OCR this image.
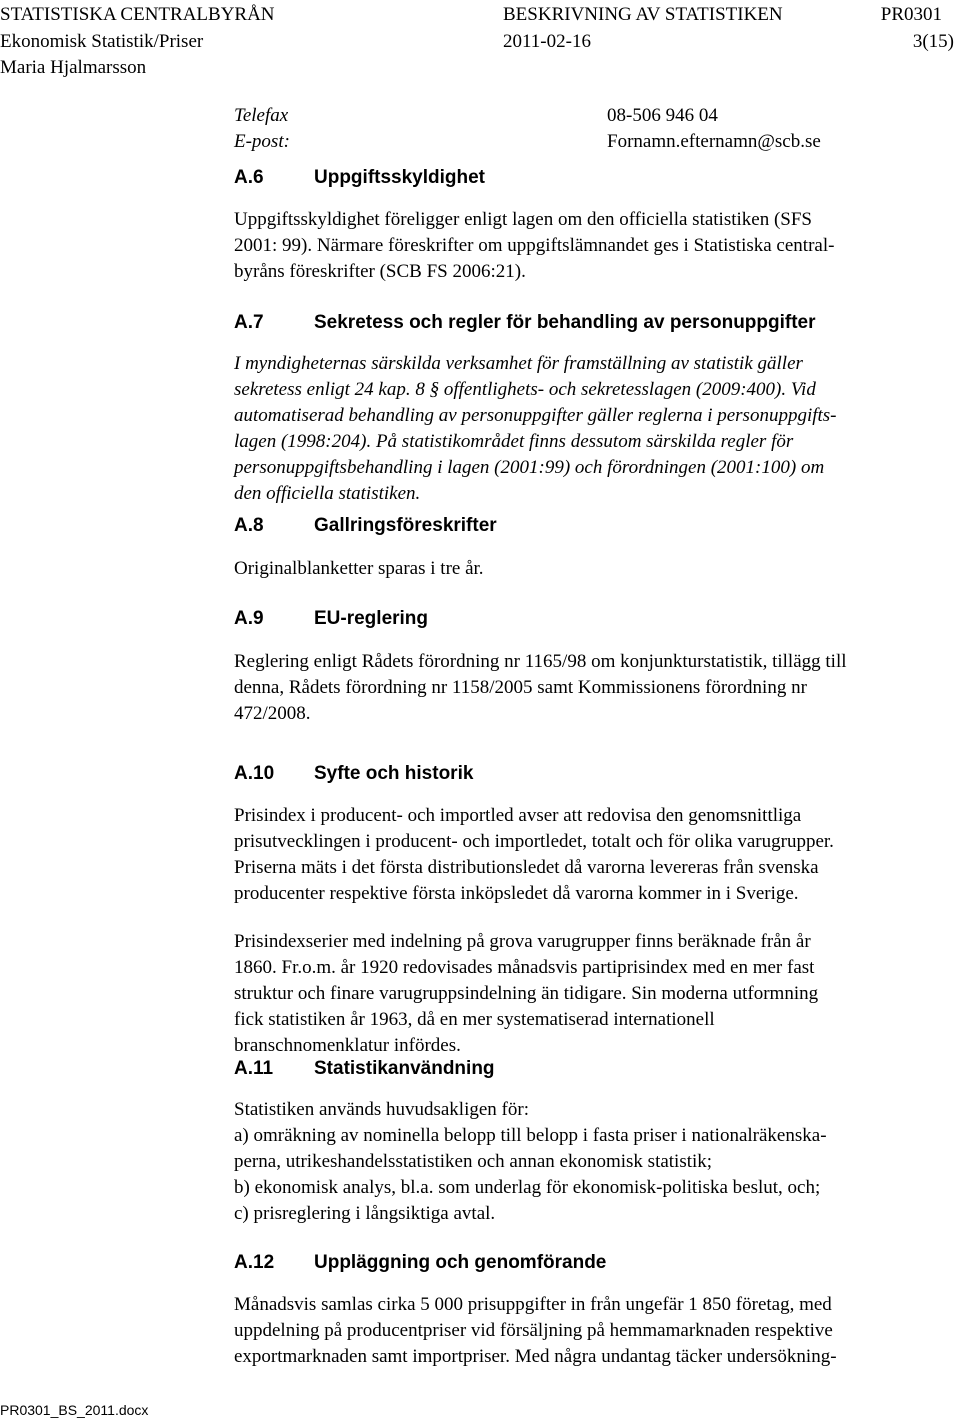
STATISTISKA CENTRALBYRÅN	BESKRIVNING AV STATISTIKEN	PR0301
Ekonomisk Statistik/Priser	2011-02-16	3(15)
Maria Hjalmarsson
Telefax	08-506 946 04
E-post:	Fornamn.efternamn@scb.se
A.6	Uppgiftsskyldighet
Uppgiftsskyldighet föreligger enligt lagen om den officiella statistiken (SFS
2001: 99). Närmare föreskrifter om uppgiftslämnandet ges i Statistiska central-
byråns föreskrifter (SCB FS 2006:21).
A.7	Sekretess och regler för behandling av personuppgifter
I myndigheternas särskilda verksamhet för framställning av statistik gäller
sekretess enligt 24 kap. 8 § offentlighets- och sekretesslagen (2009:400). Vid
automatiserad behandling av personuppgifter gäller reglerna i personuppgifts-
lagen (1998:204). På statistikområdet finns dessutom särskilda regler för
personuppgiftsbehandling i lagen (2001:99) och förordningen (2001:100) om
den officiella statistiken.
A.8	Gallringsföreskrifter
Originalblanketter sparas i tre år.
A.9	EU-reglering
Reglering enligt Rådets förordning nr 1165/98 om konjunkturstatistik, tillägg till
denna, Rådets förordning nr 1158/2005 samt Kommissionens förordning nr
472/2008.
A.10 Syfte och historik
Prisindex i producent- och importled avser att redovisa den genomsnittliga
prisutvecklingen i producent- och importledet, totalt och för olika varugrupper.
Priserna mäts i det första distributionsledet då varorna levereras från svenska
producenter respektive första inköpsledet då varorna kommer in i Sverige.
Prisindexserier med indelning på grova varugrupper finns beräknade från år
1860. Fr.o.m. år 1920 redovisades månadsvis partiprisindex med en mer fast
struktur och finare varugruppsindelning än tidigare. Sin moderna utformning
fick statistiken år 1963, då en mer systematiserad internationell
branschnomenklatur infördes.
A.11 Statistikanvändning
Statistiken används huvudsakligen för:
a) omräkning av nominella belopp till belopp i fasta priser i nationalräkenska-
perna, utrikeshandelsstatistiken och annan ekonomisk statistik;
b) ekonomisk analys, bl.a. som underlag för ekonomisk-politiska beslut, och;
c) prisreglering i långsiktiga avtal.
A.12 Uppläggning och genomförande
Månadsvis samlas cirka 5 000 prisuppgifter in från ungefär 1 850 företag, med
uppdelning på producentpriser vid försäljning på hemmamarknaden respektive
exportmarknaden samt importpriser. Med några undantag täcker undersökning-
PR0301_BS_2011.docx
